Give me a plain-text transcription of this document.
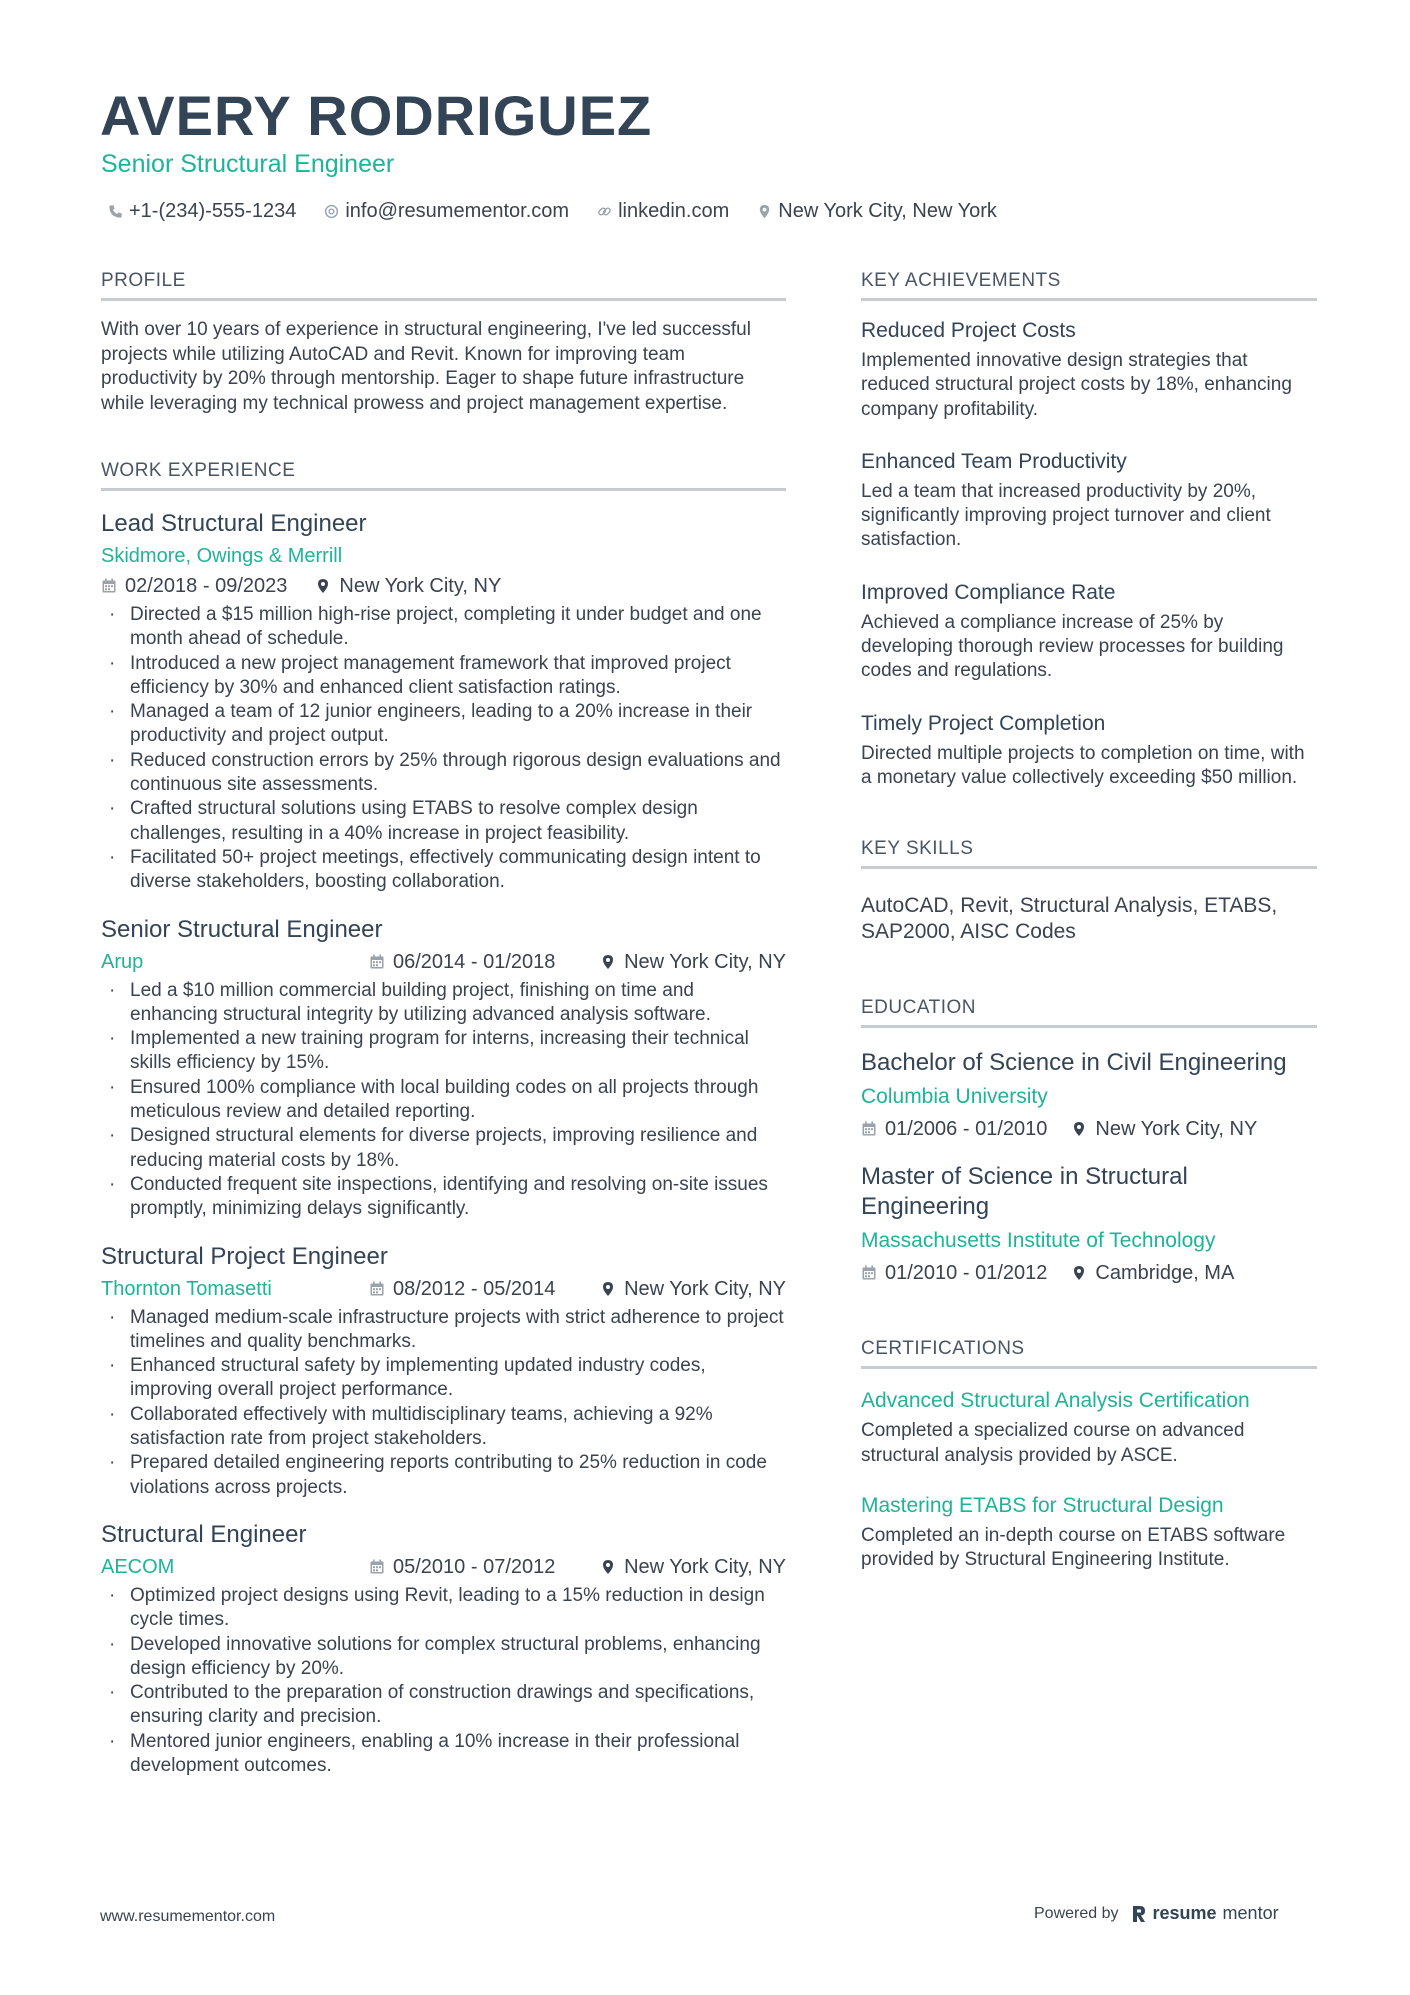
AVERY RODRIGUEZ
Senior Structural Engineer
+1-(234)-555-1234 info@resumementor.com linkedin.com New York City, New York
PROFILE
With over 10 years of experience in structural engineering, I've led successful projects while utilizing AutoCAD and Revit. Known for improving team productivity by 20% through mentorship. Eager to shape future infrastructure while leveraging my technical prowess and project management expertise.
WORK EXPERIENCE
Lead Structural Engineer
Skidmore, Owings & Merrill
02/2018 - 09/2023	New York City, NY
· Directed a $15 million high-rise project, completing it under budget and one month ahead of schedule.
· Introduced a new project management framework that improved project efficiency by 30% and enhanced client satisfaction ratings.
· Managed a team of 12 junior engineers, leading to a 20% increase in their productivity and project output.
· Reduced construction errors by 25% through rigorous design evaluations and continuous site assessments.
· Crafted structural solutions using ETABS to resolve complex design challenges, resulting in a 40% increase in project feasibility.
· Facilitated 50+ project meetings, effectively communicating design intent to diverse stakeholders, boosting collaboration.
Senior Structural Engineer
Arup	06/2014 - 01/2018	New York City, NY
· Led a $10 million commercial building project, finishing on time and enhancing structural integrity by utilizing advanced analysis software.
· Implemented a new training program for interns, increasing their technical skills efficiency by 15%.
· Ensured 100% compliance with local building codes on all projects through meticulous review and detailed reporting.
· Designed structural elements for diverse projects, improving resilience and reducing material costs by 18%.
· Conducted frequent site inspections, identifying and resolving on-site issues promptly, minimizing delays significantly.
Structural Project Engineer
Thornton Tomasetti	08/2012 - 05/2014	New York City, NY
· Managed medium-scale infrastructure projects with strict adherence to project timelines and quality benchmarks.
· Enhanced structural safety by implementing updated industry codes, improving overall project performance.
· Collaborated effectively with multidisciplinary teams, achieving a 92% satisfaction rate from project stakeholders.
· Prepared detailed engineering reports contributing to 25% reduction in code violations across projects.
Structural Engineer
AECOM	05/2010 - 07/2012	New York City, NY
· Optimized project designs using Revit, leading to a 15% reduction in design cycle times.
· Developed innovative solutions for complex structural problems, enhancing design efficiency by 20%.
· Contributed to the preparation of construction drawings and specifications, ensuring clarity and precision.
· Mentored junior engineers, enabling a 10% increase in their professional development outcomes.
KEY ACHIEVEMENTS
Reduced Project Costs
Implemented innovative design strategies that reduced structural project costs by 18%, enhancing company profitability.
Enhanced Team Productivity
Led a team that increased productivity by 20%, significantly improving project turnover and client satisfaction.
Improved Compliance Rate
Achieved a compliance increase of 25% by developing thorough review processes for building codes and regulations.
Timely Project Completion
Directed multiple projects to completion on time, with a monetary value collectively exceeding $50 million.
KEY SKILLS
AutoCAD, Revit, Structural Analysis, ETABS, SAP2000, AISC Codes
EDUCATION
Bachelor of Science in Civil Engineering
Columbia University
01/2006 - 01/2010 New York City, NY
Master of Science in Structural Engineering
Massachusetts Institute of Technology
01/2010 - 01/2012 Cambridge, MA
CERTIFICATIONS
Advanced Structural Analysis Certification
Completed a specialized course on advanced structural analysis provided by ASCE.
Mastering ETABS for Structural Design
Completed an in-depth course on ETABS software provided by Structural Engineering Institute.
www.resumementor.com	Powered by resume mentor
